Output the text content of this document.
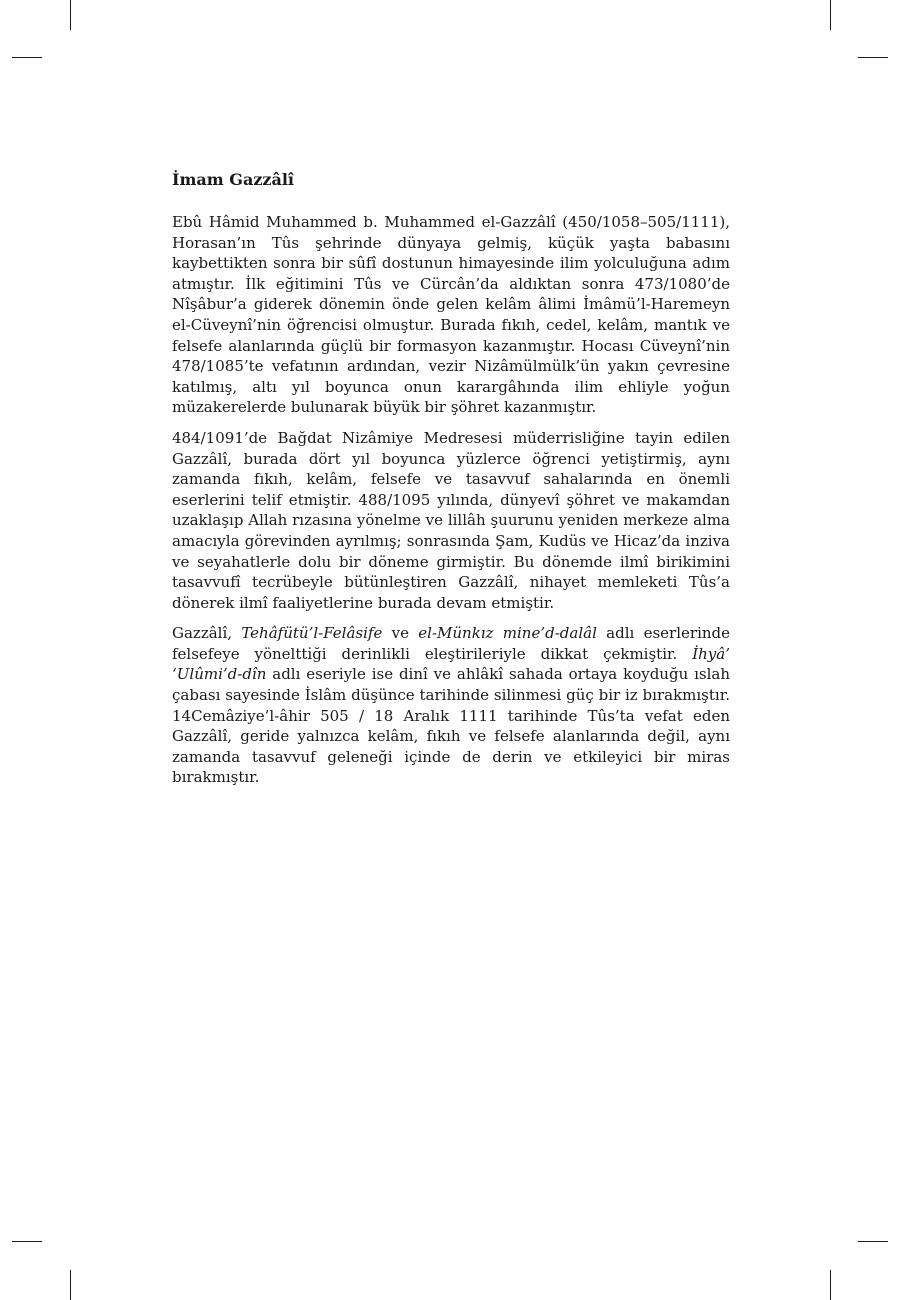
İmam Gazzâlî

Ebû Hâmid Muhammed b. Muhammed el-Gazzâlî (450/1058–505/1111), Horasan’ın Tûs şehrinde dünyaya gelmiş, küçük yaşta babasını kaybettikten sonra bir sûfî dostunun himayesinde ilim yolculuğuna adım atmıştır. İlk eğitimini Tûs ve Cürcân’da aldıktan sonra 473/1080’de Nîşâbur’a giderek dönemin önde gelen kelâm âlimi İmâmü’l-Haremeyn el-Cüveynî’nin öğrencisi olmuştur. Burada fıkıh, cedel, kelâm, mantık ve felsefe alanlarında güçlü bir formasyon kazanmıştır. Hocası Cüveynî’nin 478/1085’te vefatının ardından, vezir Nizâmülmülk’ün yakın çevresine katılmış, altı yıl boyunca onun karargâhında ilim ehliyle yoğun müzakerelerde bulunarak büyük bir şöhret kazanmıştır.

484/1091’de Bağdat Nizâmiye Medresesi müderrisliğine tayin edilen Gazzâlî, burada dört yıl boyunca yüzlerce öğrenci yetiştirmiş, aynı zamanda fıkıh, kelâm, felsefe ve tasavvuf sahalarında en önemli eserlerini telif etmiştir. 488/1095 yılında, dünyevî şöhret ve makamdan uzaklaşıp Allah rızasına yönelme ve lillâh şuurunu yeniden merkeze alma amacıyla görevinden ayrılmış; sonrasında Şam, Kudüs ve Hicaz’da inziva ve seyahatlerle dolu bir döneme girmiştir. Bu dönemde ilmî birikimini tasavvufî tecrübeyle bütünleştiren Gazzâlî, nihayet memleketi Tûs’a dönerek ilmî faaliyetlerine burada devam etmiştir.

Gazzâlî, Tehâfütü’l-Felâsife ve el-Münkız mine’d-dalâl adlı eserlerinde felsefeye yöneltti̇ği derinlikli eleştirileriyle dikkat çekmiştir. İhyâ’ ‘Ulûmi’d-dîn adlı eseriyle ise dinî ve ahlâkî sahada ortaya koyduğu ıslah çabası sayesinde İslâm düşünce tarihinde silinmesi güç bir iz bırakmıştır. 14Cemâziye’l-âhir 505 / 18 Aralık 1111 tarihinde Tûs’ta vefat eden Gazzâlî, geride yalnızca kelâm, fıkıh ve felsefe alanlarında değil, aynı zamanda tasavvuf geleneği içinde de derin ve etkileyici bir miras bırakmıştır.
